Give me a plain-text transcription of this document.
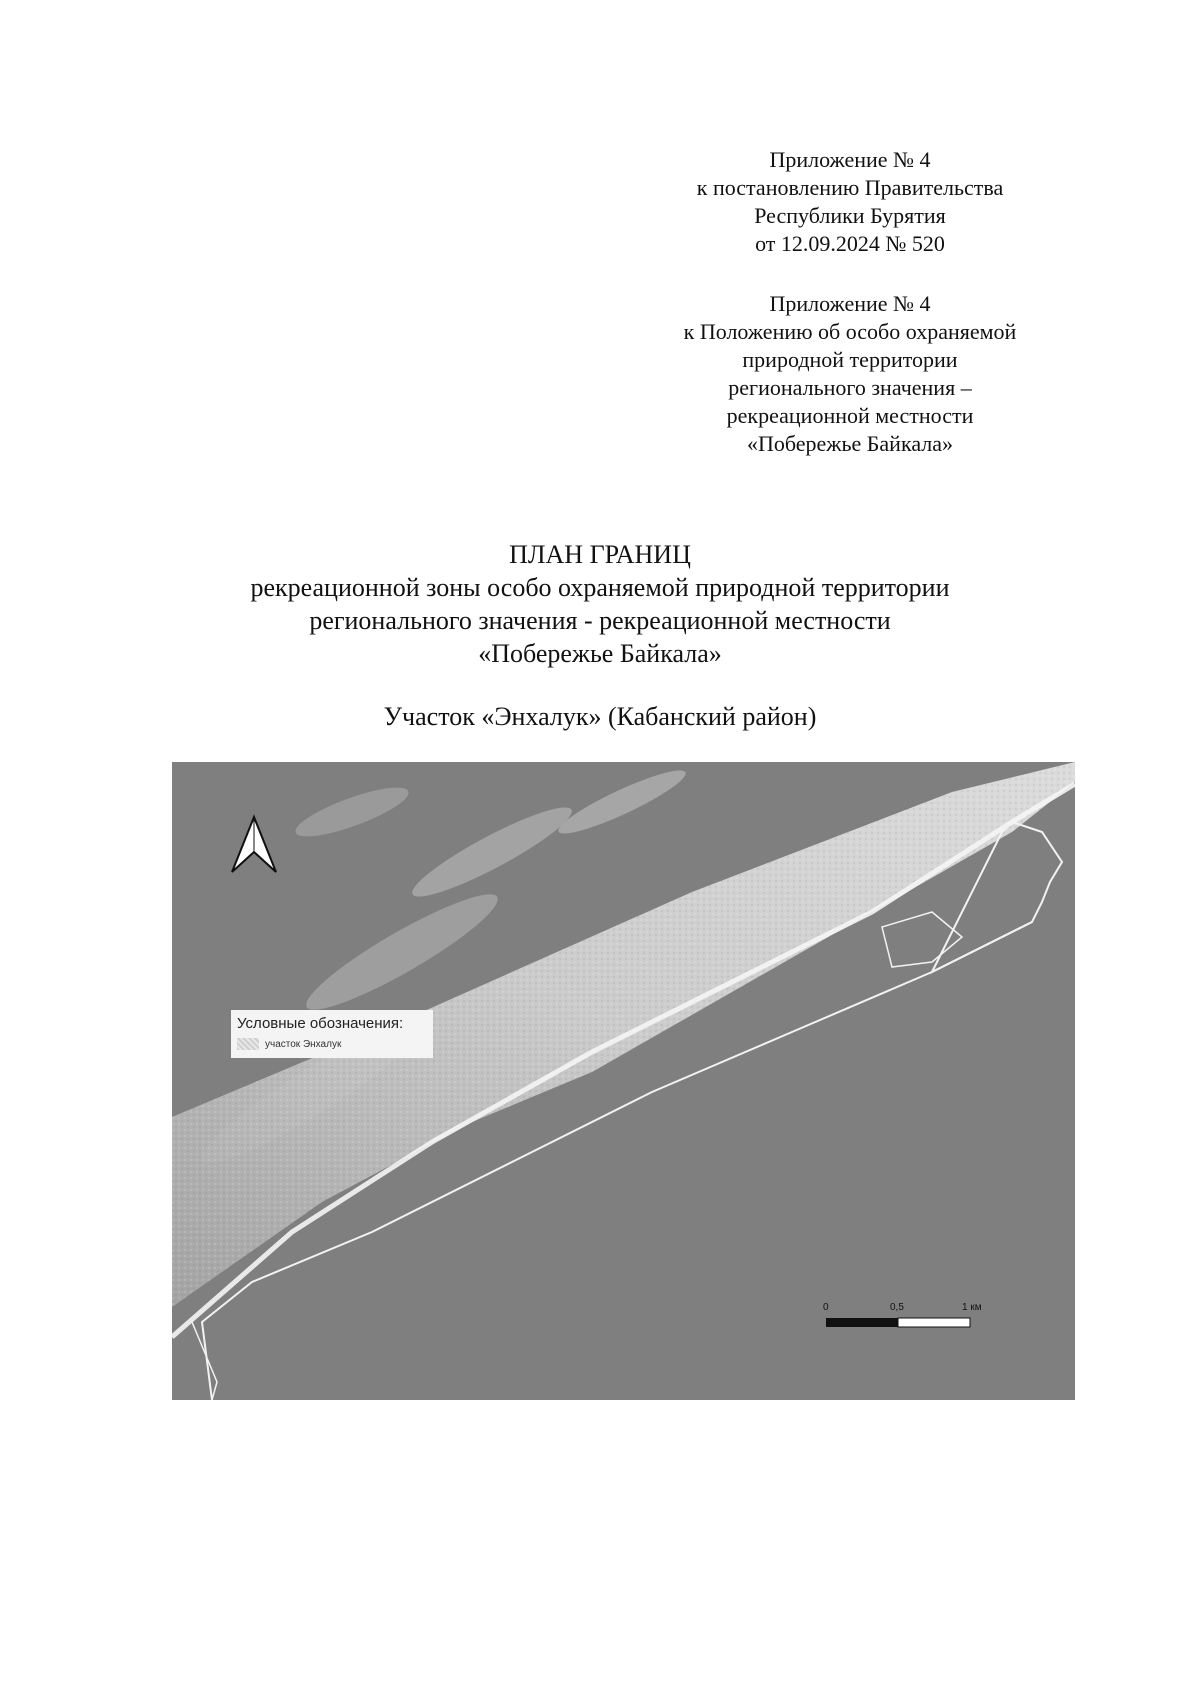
Приложение № 4
к постановлению Правительства
Республики Бурятия
от 12.09.2024 № 520
Приложение № 4
к Положению об особо охраняемой
природной территории
регионального значения –
рекреационной местности
«Побережье Байкала»
ПЛАН ГРАНИЦ
рекреационной зоны особо охраняемой природной территории
регионального значения - рекреационной местности
«Побережье Байкала»
Участок «Энхалук» (Кабанский район)
Условные обозначения:
участок Энхалук
0	0,5	1 км
